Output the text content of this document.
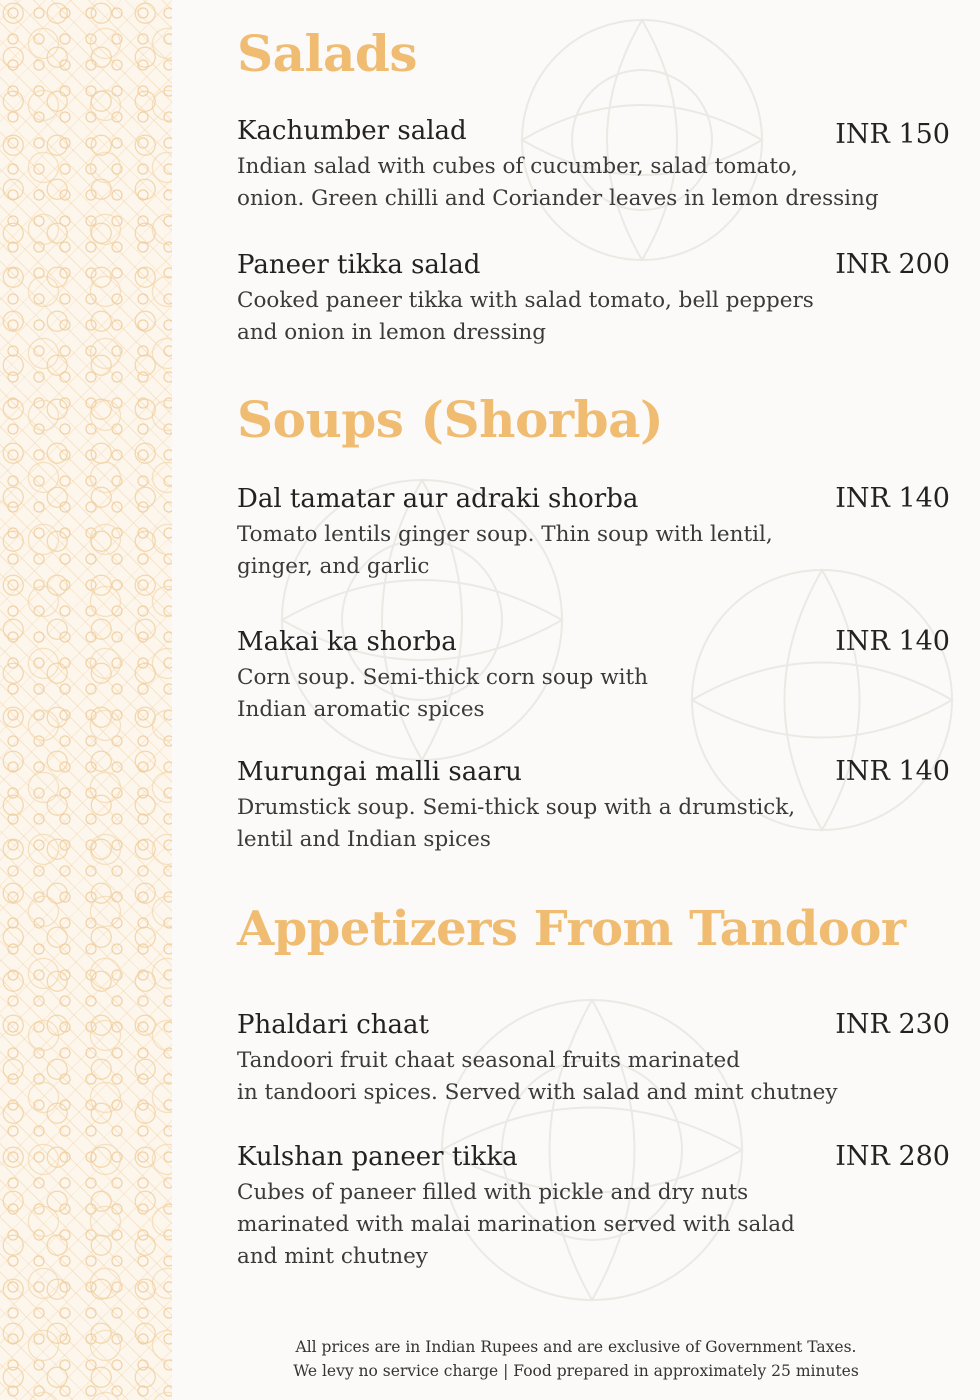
Salads
Kachumber salad	INR 150
Indian salad with cubes of cucumber, salad tomato,
onion. Green chilli and Coriander leaves in lemon dressing
Paneer tikka salad	INR 200
Cooked paneer tikka with salad tomato, bell peppers
and onion in lemon dressing
Soups (Shorba)
Dal tamatar aur adraki shorba	INR 140
Tomato lentils ginger soup. Thin soup with lentil,
ginger, and garlic
Makai ka shorba	INR 140
Corn soup. Semi-thick corn soup with
Indian aromatic spices
Murungai malli saaru	INR 140
Drumstick soup. Semi-thick soup with a drumstick,
lentil and Indian spices
Appetizers From Tandoor
Phaldari chaat	INR 230
Tandoori fruit chaat seasonal fruits marinated
in tandoori spices. Served with salad and mint chutney
Kulshan paneer tikka	INR 280
Cubes of paneer filled with pickle and dry nuts
marinated with malai marination served with salad
and mint chutney
All prices are in Indian Rupees and are exclusive of Government Taxes.
We levy no service charge | Food prepared in approximately 25 minutes
